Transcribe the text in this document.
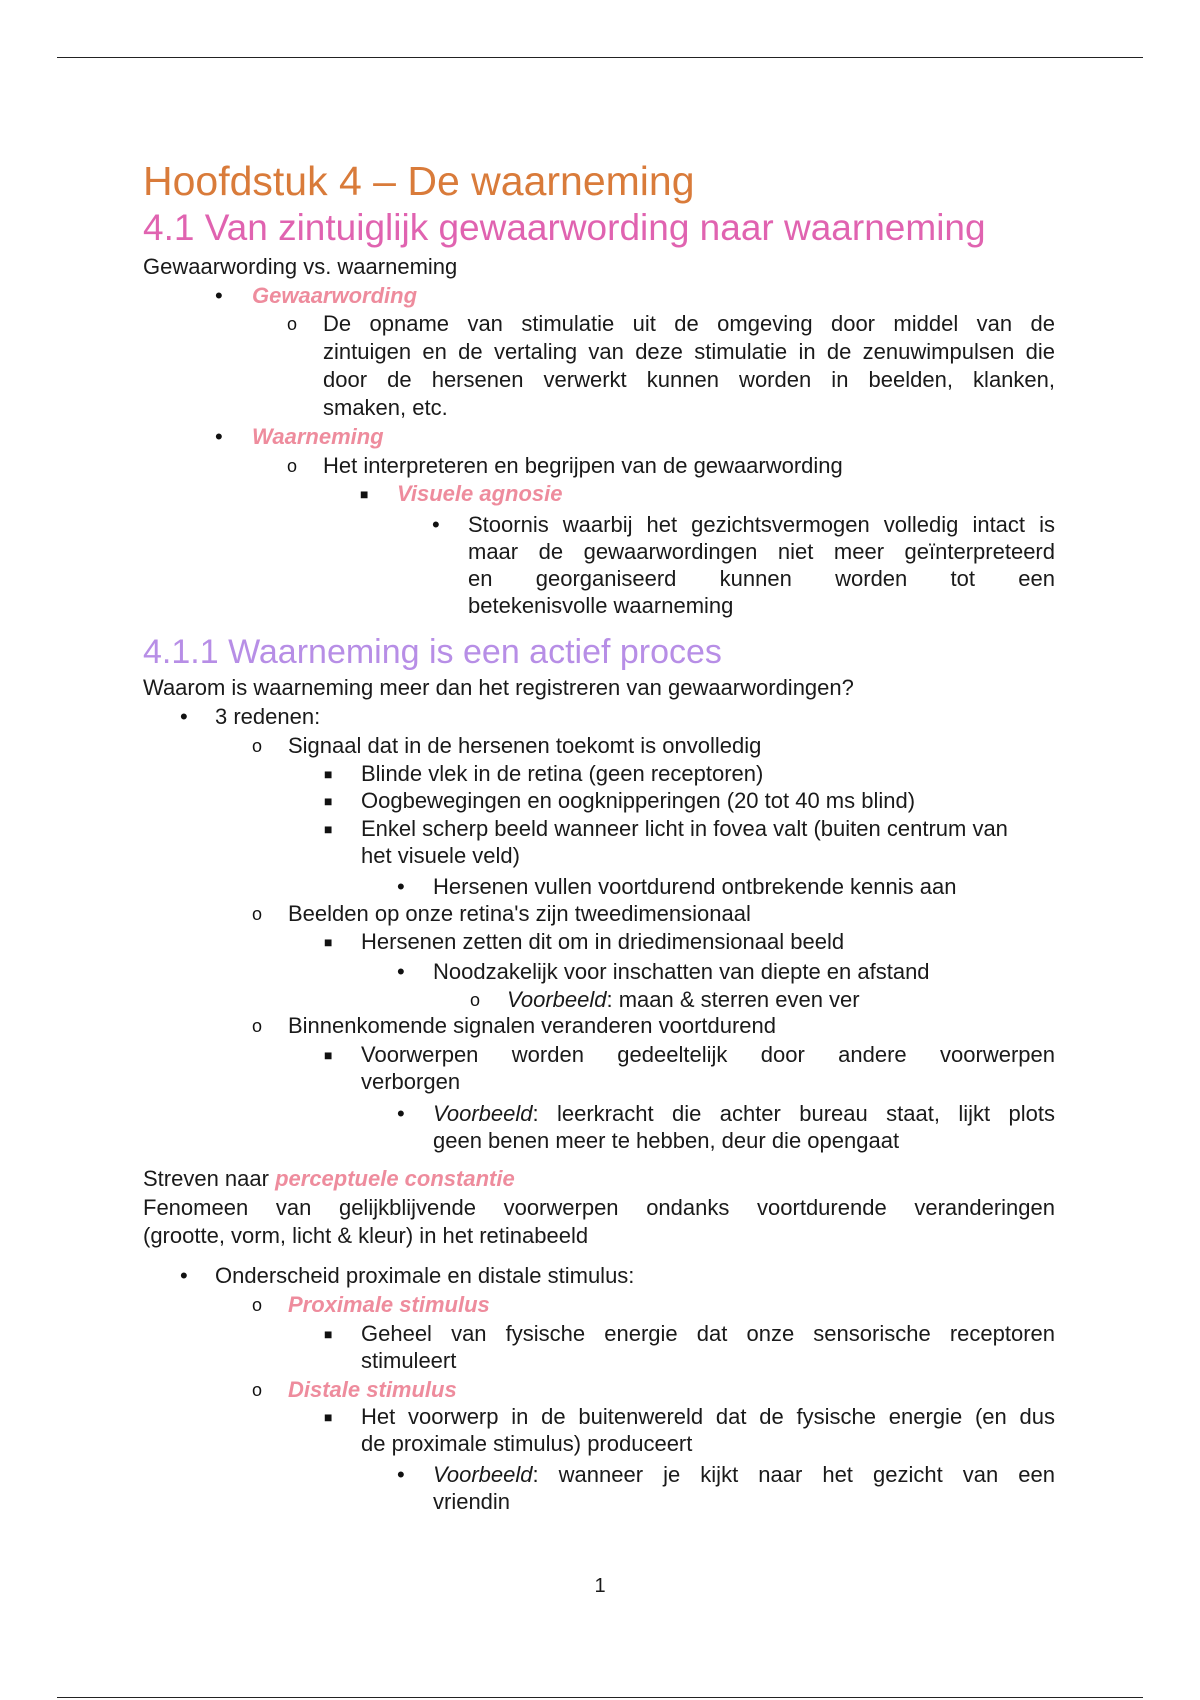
Hoofdstuk 4 – De waarneming
4.1 Van zintuiglijk gewaarwording naar waarneming
Gewaarwording vs. waarneming
• Gewaarwording
o De opname van stimulatie uit de omgeving door middel van de
zintuigen en de vertaling van deze stimulatie in de zenuwimpulsen die
door de hersenen verwerkt kunnen worden in beelden, klanken,
smaken, etc.
• Waarneming
o Het interpreteren en begrijpen van de gewaarwording
■ Visuele agnosie
• Stoornis waarbij het gezichtsvermogen volledig intact is
maar de gewaarwordingen niet meer geïnterpreteerd
en georganiseerd kunnen worden tot een
betekenisvolle waarneming
4.1.1 Waarneming is een actief proces
Waarom is waarneming meer dan het registreren van gewaarwordingen?
• 3 redenen:
o Signaal dat in de hersenen toekomt is onvolledig
■ Blinde vlek in de retina (geen receptoren)
■ Oogbewegingen en oogknipperingen (20 tot 40 ms blind)
■ Enkel scherp beeld wanneer licht in fovea valt (buiten centrum van
het visuele veld)
• Hersenen vullen voortdurend ontbrekende kennis aan
o Beelden op onze retina's zijn tweedimensionaal
■ Hersenen zetten dit om in driedimensionaal beeld
• Noodzakelijk voor inschatten van diepte en afstand
o Voorbeeld: maan & sterren even ver
o Binnenkomende signalen veranderen voortdurend
■ Voorwerpen worden gedeeltelijk door andere voorwerpen
verborgen
• Voorbeeld: leerkracht die achter bureau staat, lijkt plots
geen benen meer te hebben, deur die opengaat
Streven naar perceptuele constantie
Fenomeen van gelijkblijvende voorwerpen ondanks voortdurende veranderingen
(grootte, vorm, licht & kleur) in het retinabeeld
• Onderscheid proximale en distale stimulus:
o Proximale stimulus
■ Geheel van fysische energie dat onze sensorische receptoren
stimuleert
o Distale stimulus
■ Het voorwerp in de buitenwereld dat de fysische energie (en dus
de proximale stimulus) produceert
• Voorbeeld: wanneer je kijkt naar het gezicht van een
vriendin
1
